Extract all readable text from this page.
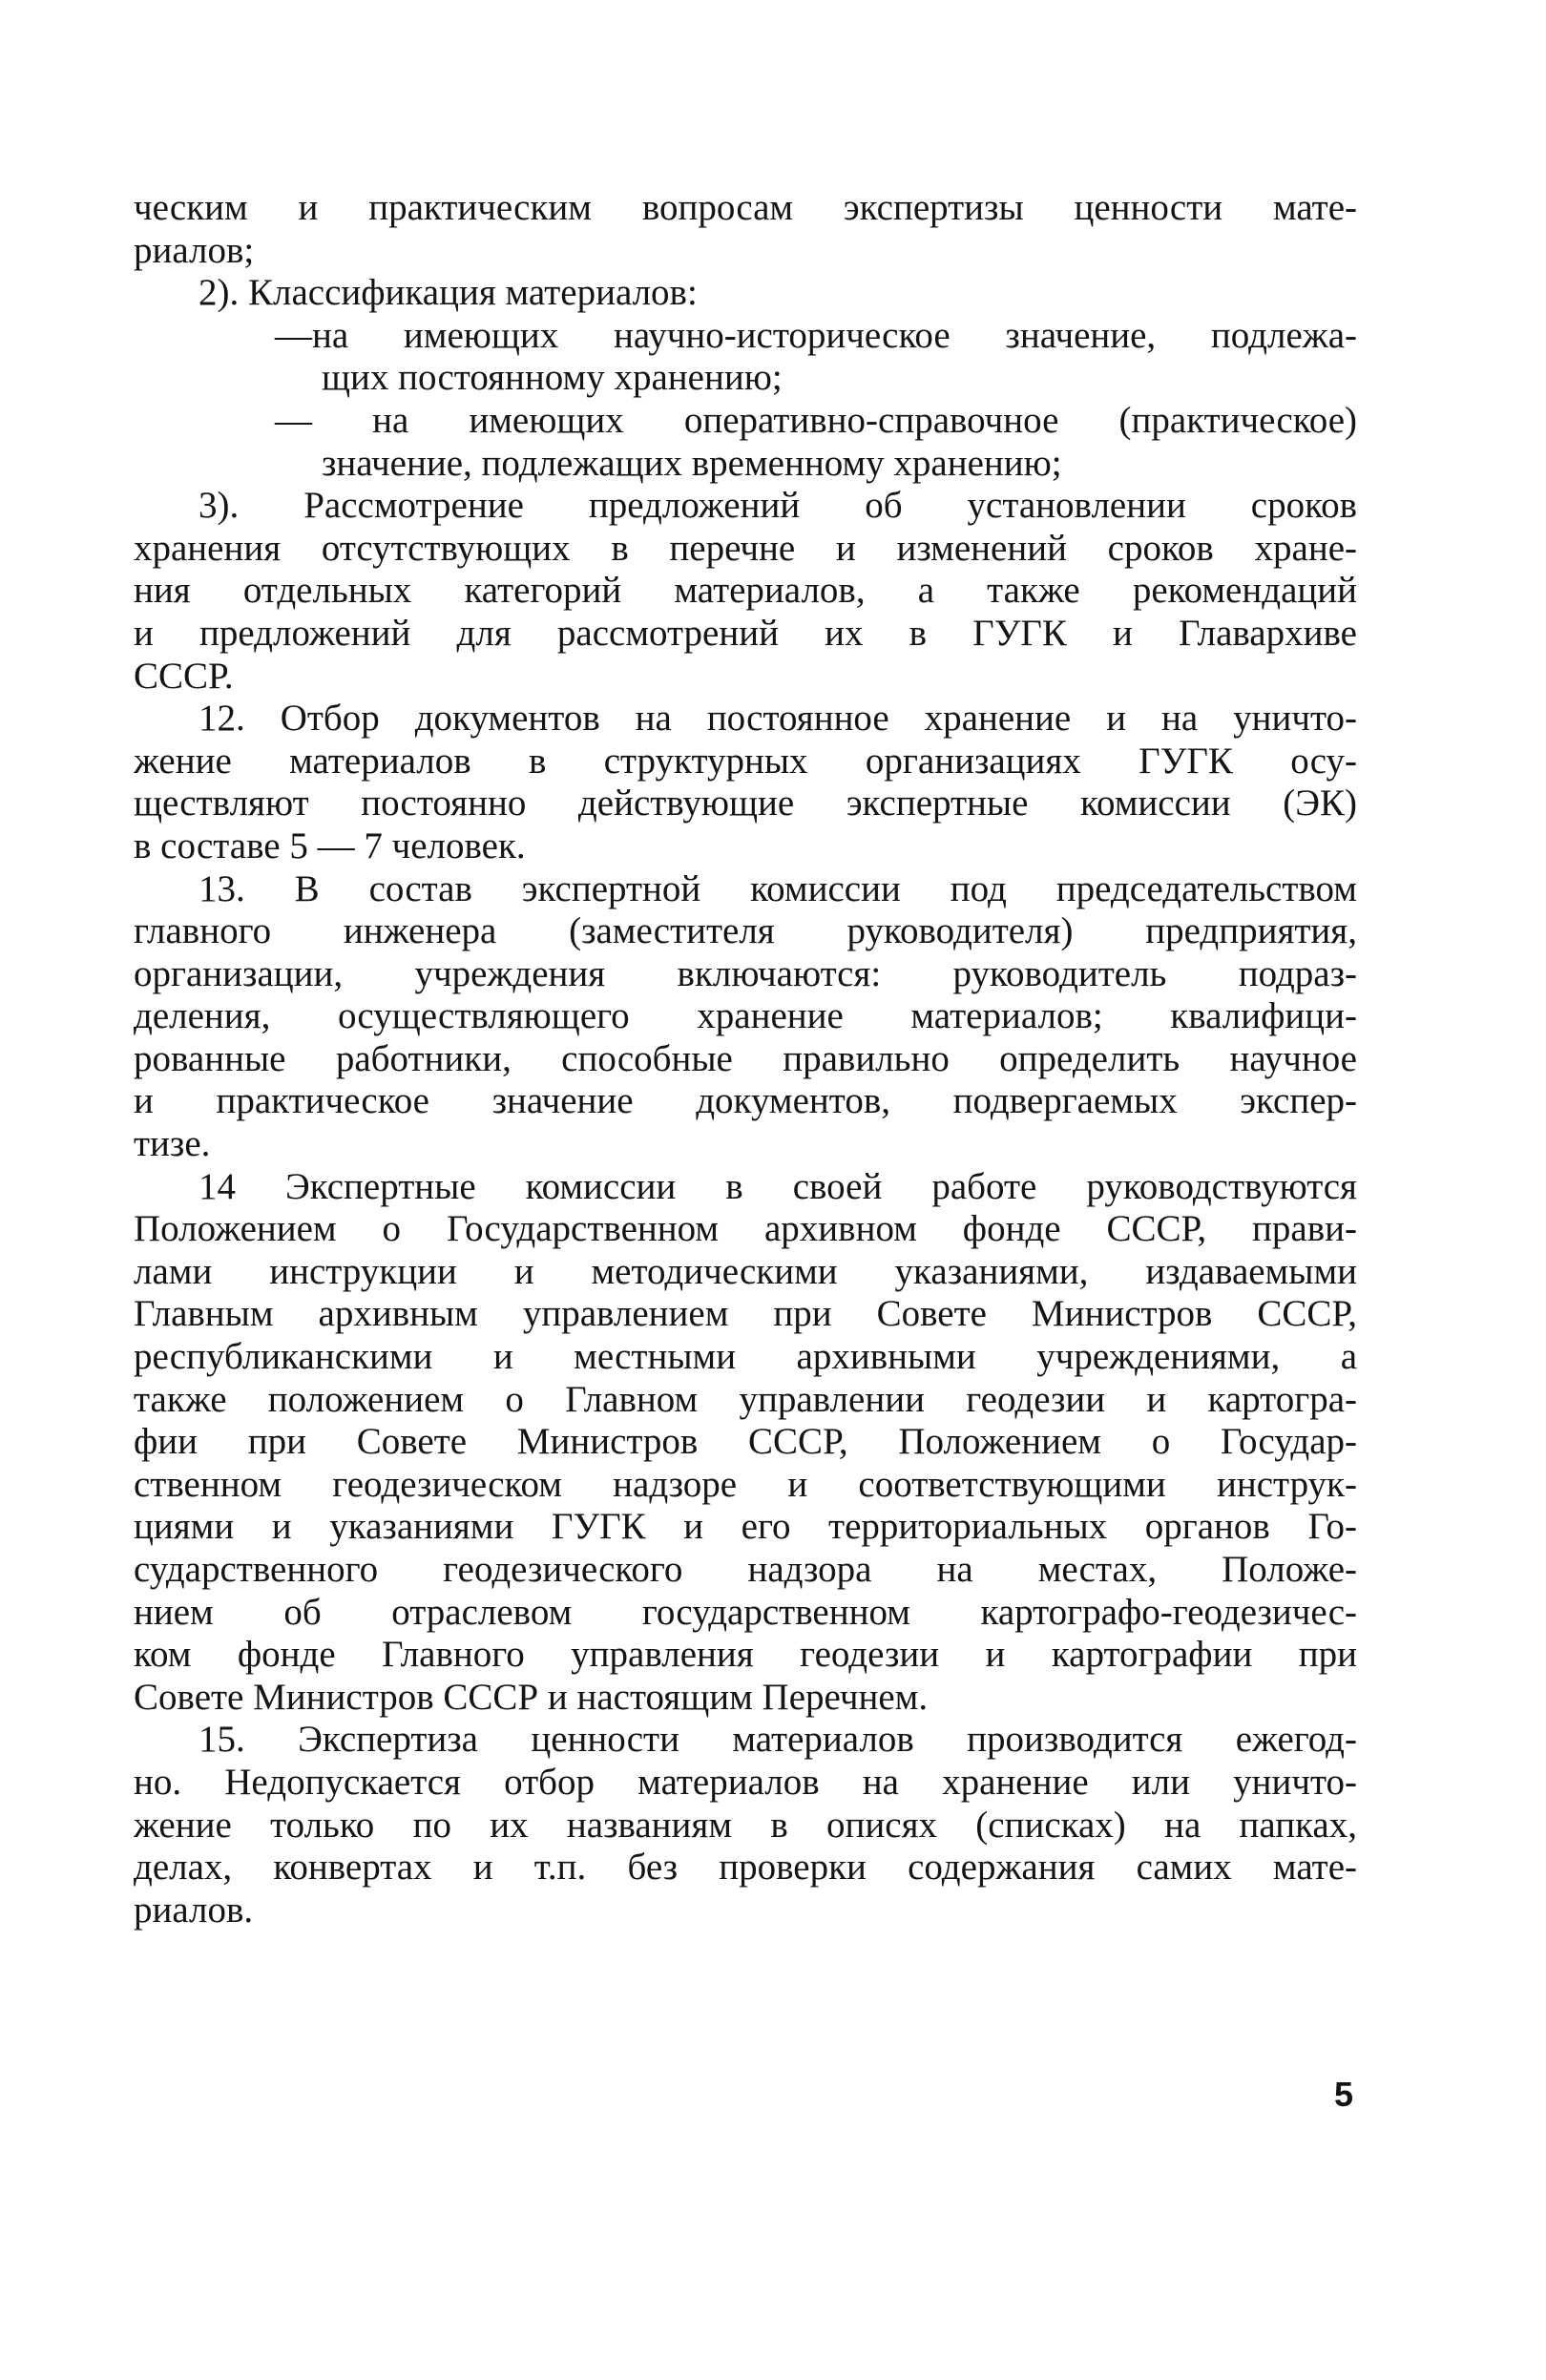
ческим и практическим вопросам экспертизы ценности мате-
риалов;
2). Классификация материалов:
—на имеющих научно-историческое значение, подлежа-
щих постоянному хранению;
— на имеющих оперативно-справочное (практическое)
значение, подлежащих временному хранению;
3). Рассмотрение предложений об установлении сроков
хранения отсутствующих в перечне и изменений сроков хране-
ния отдельных категорий материалов, а также рекомендаций
и предложений для рассмотрений их в ГУГК и Главархиве
СССР.
12. Отбор документов на постоянное хранение и на уничто-
жение материалов в структурных организациях ГУГК осу-
ществляют постоянно действующие экспертные комиссии (ЭК)
в составе 5 — 7 человек.
13. В состав экспертной комиссии под председательством
главного инженера (заместителя руководителя) предприятия,
организации, учреждения включаются: руководитель подраз-
деления, осуществляющего хранение материалов; квалифици-
рованные работники, способные правильно определить научное
и практическое значение документов, подвергаемых экспер-
тизе.
14 Экспертные комиссии в своей работе руководствуются
Положением о Государственном архивном фонде СССР, прави-
лами инструкции и методическими указаниями, издаваемыми
Главным архивным управлением при Совете Министров СССР,
республиканскими и местными архивными учреждениями, а
также положением о Главном управлении геодезии и картогра-
фии при Совете Министров СССР, Положением о Государ-
ственном геодезическом надзоре и соответствующими инструк-
циями и указаниями ГУГК и его территориальных органов Го-
сударственного геодезического надзора на местах, Положе-
нием об отраслевом государственном картографо-геодезичес-
ком фонде Главного управления геодезии и картографии при
Совете Министров СССР и настоящим Перечнем.
15. Экспертиза ценности материалов производится ежегод-
но. Недопускается отбор материалов на хранение или уничто-
жение только по их названиям в описях (списках) на папках,
делах, конвертах и т.п. без проверки содержания самих мате-
риалов.
5
